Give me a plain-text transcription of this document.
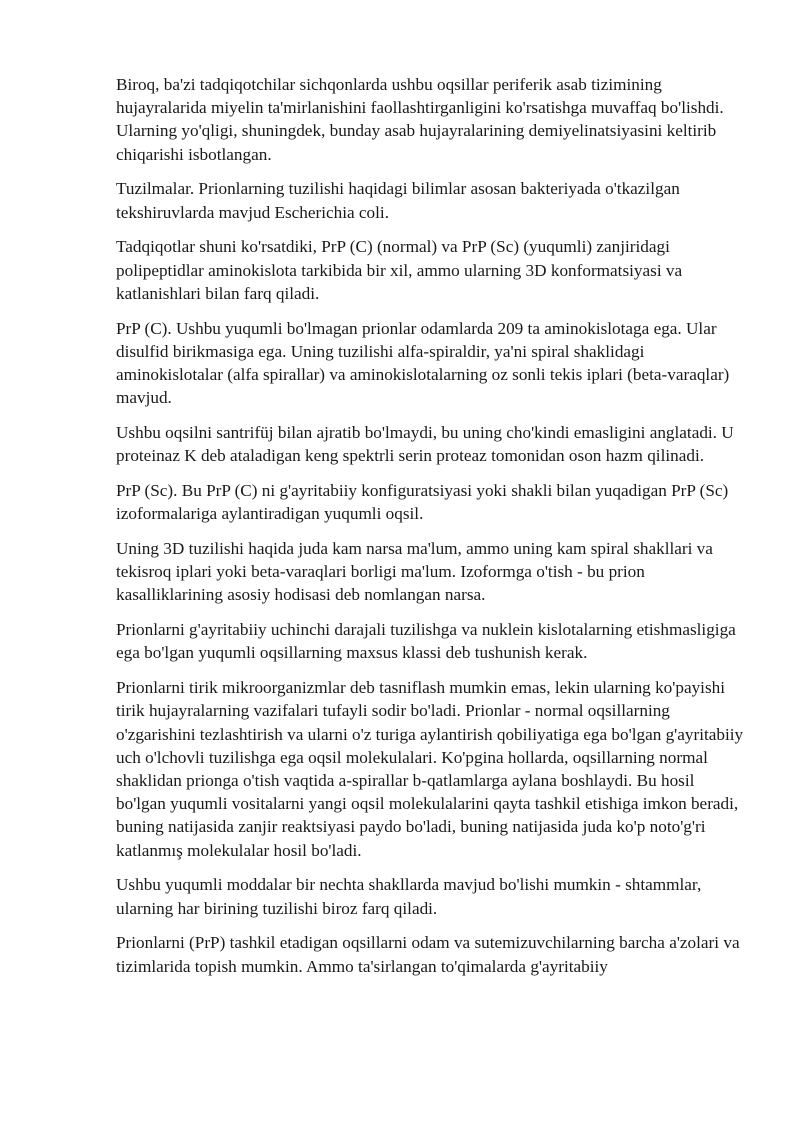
Biroq, ba'zi tadqiqotchilar sichqonlarda ushbu oqsillar periferik asab tizimining hujayralarida miyelin ta'mirlanishini faollashtirganligini ko'rsatishga muvaffaq bo'lishdi. Ularning yo'qligi, shuningdek, bunday asab hujayralarining demiyelinatsiyasini keltirib chiqarishi isbotlangan.

Tuzilmalar. Prionlarning tuzilishi haqidagi bilimlar asosan bakteriyada o'tkazilgan tekshiruvlarda mavjud Escherichia coli.

Tadqiqotlar shuni ko'rsatdiki, PrP (C) (normal) va PrP (Sc) (yuqumli) zanjiridagi polipeptidlar aminokislota tarkibida bir xil, ammo ularning 3D konformatsiyasi va katlanishlari bilan farq qiladi.

PrP (C). Ushbu yuqumli bo'lmagan prionlar odamlarda 209 ta aminokislotaga ega. Ular disulfid birikmasiga ega. Uning tuzilishi alfa-spiraldir, ya'ni spiral shaklidagi aminokislotalar (alfa spirallar) va aminokislotalarning oz sonli tekis iplari (beta-varaqlar) mavjud.

Ushbu oqsilni santrifüj bilan ajratib bo'lmaydi, bu uning cho'kindi emasligini anglatadi. U proteinaz K deb ataladigan keng spektrli serin proteaz tomonidan oson hazm qilinadi.

PrP (Sc). Bu PrP (C) ni g'ayritabiiy konfiguratsiyasi yoki shakli bilan yuqadigan PrP (Sc) izoformalariga aylantiradigan yuqumli oqsil.

Uning 3D tuzilishi haqida juda kam narsa ma'lum, ammo uning kam spiral shakllari va tekisroq iplari yoki beta-varaqlari borligi ma'lum. Izoformga o'tish - bu prion kasalliklarining asosiy hodisasi deb nomlangan narsa.

Prionlarni g'ayritabiiy uchinchi darajali tuzilishga va nuklein kislotalarning etishmasligiga ega bo'lgan yuqumli oqsillarning maxsus klassi deb tushunish kerak.

Prionlarni tirik mikroorganizmlar deb tasniflash mumkin emas, lekin ularning ko'payishi tirik hujayralarning vazifalari tufayli sodir bo'ladi. Prionlar - normal oqsillarning o'zgarishini tezlashtirish va ularni o'z turiga aylantirish qobiliyatiga ega bo'lgan g'ayritabiiy uch o'lchovli tuzilishga ega oqsil molekulalari. Ko'pgina hollarda, oqsillarning normal shaklidan prionga o'tish vaqtida a-spirallar b-qatlamlarga aylana boshlaydi. Bu hosil bo'lgan yuqumli vositalarni yangi oqsil molekulalarini qayta tashkil etishiga imkon beradi, buning natijasida zanjir reaktsiyasi paydo bo'ladi, buning natijasida juda ko'p noto'g'ri katlanmış molekulalar hosil bo'ladi.

Ushbu yuqumli moddalar bir nechta shakllarda mavjud bo'lishi mumkin - shtammlar, ularning har birining tuzilishi biroz farq qiladi.

Prionlarni (PrP) tashkil etadigan oqsillarni odam va sutemizuvchilarning barcha a'zolari va tizimlarida topish mumkin. Ammo ta'sirlangan to'qimalarda g'ayritabiiy
